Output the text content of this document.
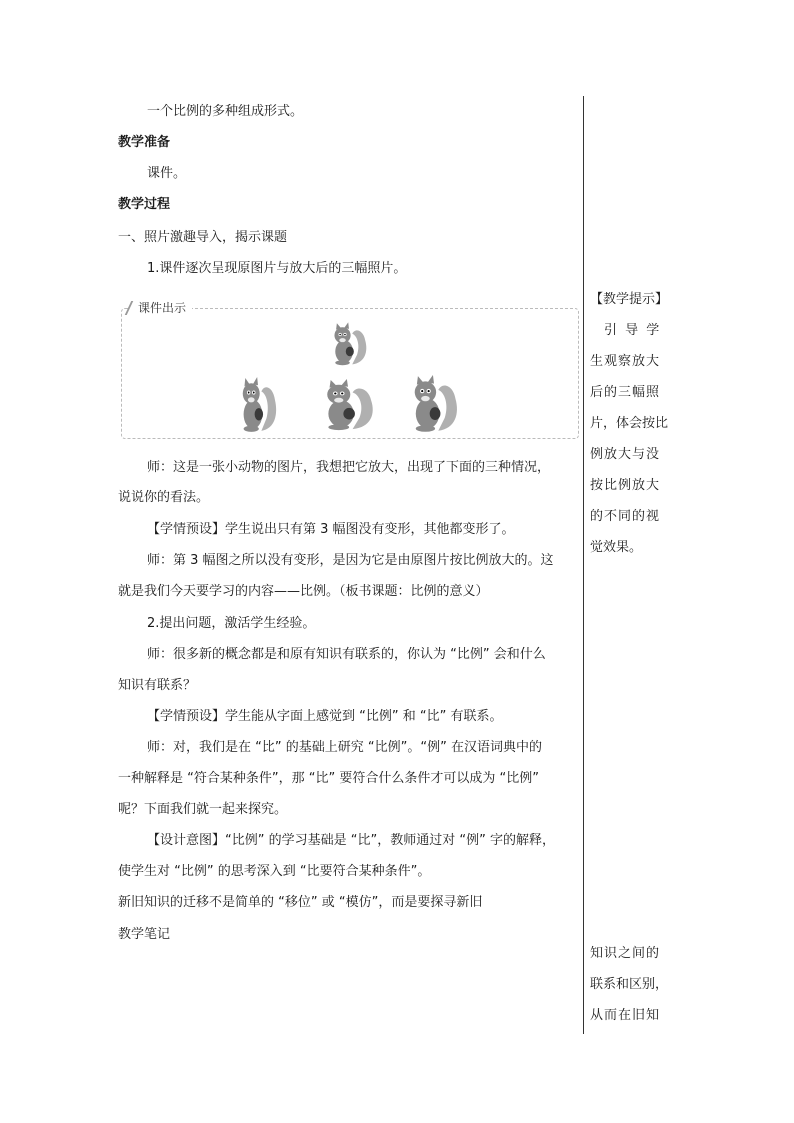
一个比例的多种组成形式。
教学准备
课件。
教学过程
一、照片激趣导入，揭示课题
1.课件逐次呈现原图片与放大后的三幅照片。
课件出示
师：这是一张小动物的图片，我想把它放大，出现了下面的三种情况，
说说你的看法。
【学情预设】学生说出只有第 3 幅图没有变形，其他都变形了。
师：第 3 幅图之所以没有变形，是因为它是由原图片按比例放大的。这
就是我们今天要学习的内容——比例。（板书课题：比例的意义）
2.提出问题，激活学生经验。
师：很多新的概念都是和原有知识有联系的，你认为 “比例” 会和什么
知识有联系？
【学情预设】学生能从字面上感觉到 “比例” 和 “比” 有联系。
师：对，我们是在 “比” 的基础上研究 “比例”。“例” 在汉语词典中的
一种解释是 “符合某种条件”，那 “比” 要符合什么条件才可以成为 “比例”
呢？下面我们就一起来探究。
【设计意图】“比例” 的学习基础是 “比”，教师通过对 “例” 字的解释，
使学生对 “比例” 的思考深入到 “比要符合某种条件”。
新旧知识的迁移不是简单的 “移位” 或 “模仿”，而是要探寻新旧
教学笔记
【教学提示】
引 导 学
生观察放大
后的三幅照
片，体会按比
例放大与没
按比例放大
的不同的视
觉效果。
知识之间的
联系和区别，
从而在旧知
